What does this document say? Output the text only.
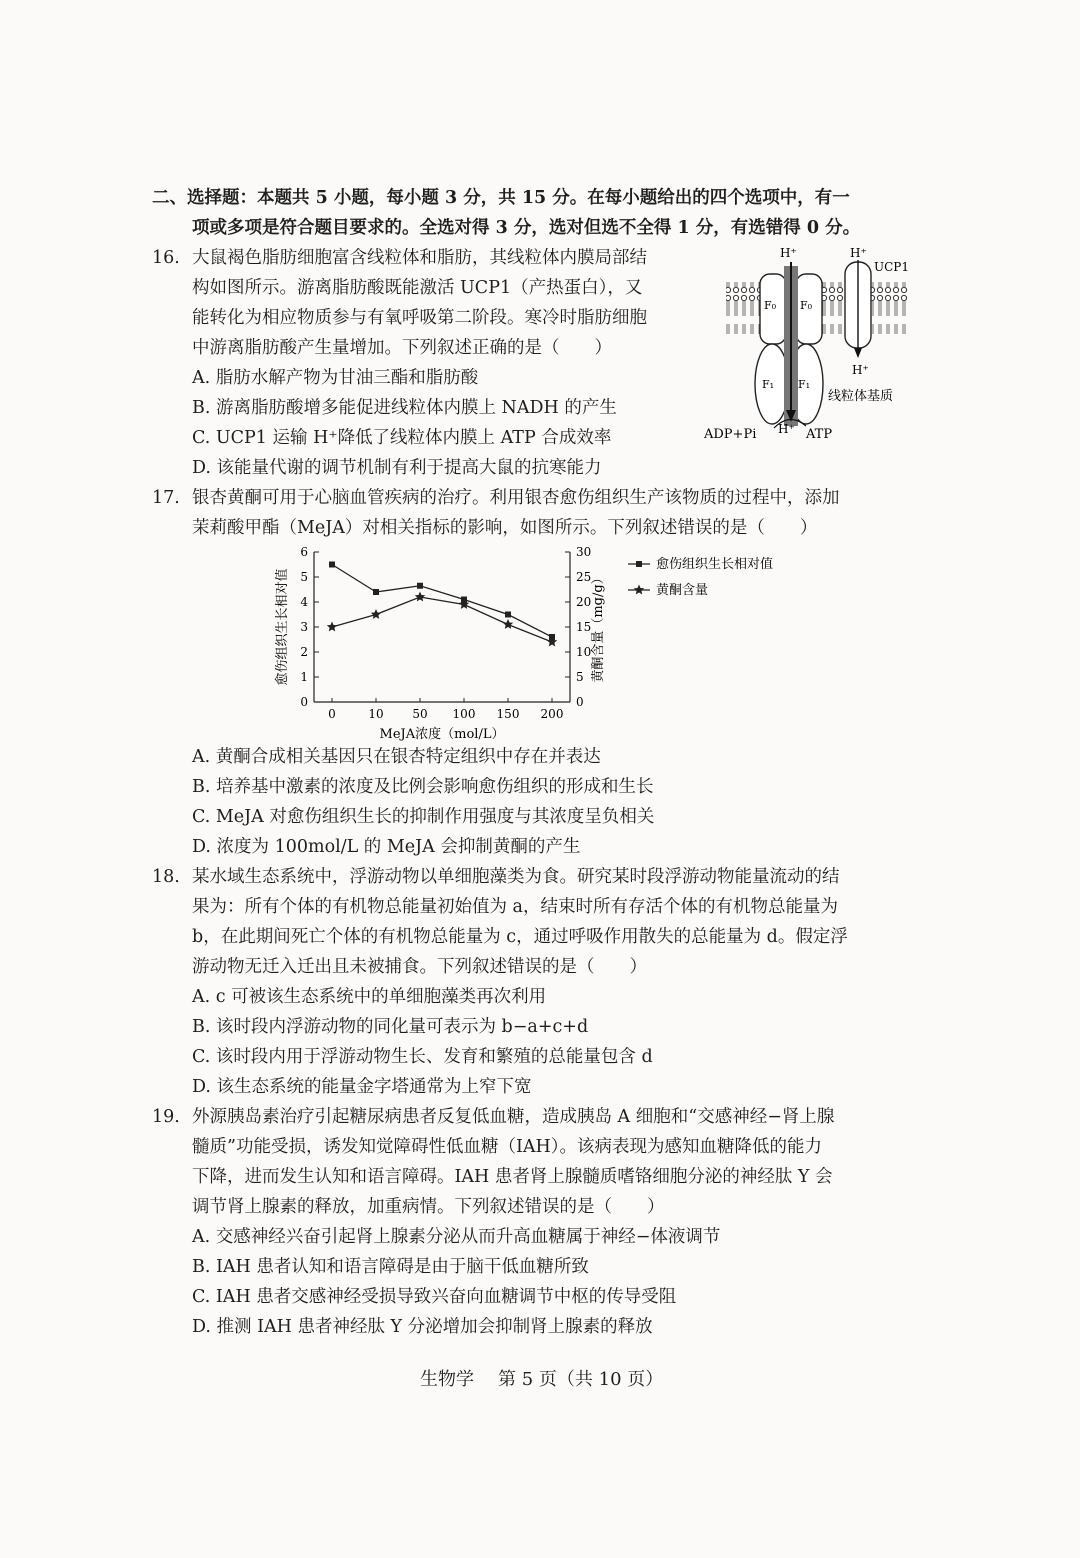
二、选择题：本题共 5 小题，每小题 3 分，共 15 分。在每小题给出的四个选项中，有一
项或多项是符合题目要求的。全选对得 3 分，选对但选不全得 1 分，有选错得 0 分。
16. 大鼠褐色脂肪细胞富含线粒体和脂肪，其线粒体内膜局部结
构如图所示。游离脂肪酸既能激活 UCP1（产热蛋白），又
能转化为相应物质参与有氧呼吸第二阶段。寒冷时脂肪细胞
中游离脂肪酸产生量增加。下列叙述正确的是（　　）
A. 脂肪水解产物为甘油三酯和脂肪酸
B. 游离脂肪酸增多能促进线粒体内膜上 NADH 的产生
C. UCP1 运输 H⁺降低了线粒体内膜上 ATP 合成效率
D. 该能量代谢的调节机制有利于提高大鼠的抗寒能力
H⁺	H⁺
UCP1
F₀ F₀
F₁ F₁
H⁺
线粒体基质
ADP+Pi H⁺ ATP
17. 银杏黄酮可用于心脑血管疾病的治疗。利用银杏愈伤组织生产该物质的过程中，添加
茉莉酸甲酯（MeJA）对相关指标的影响，如图所示。下列叙述错误的是（　　）
0
1
2
3
4
5
6
0
5
10
15
20
25
30
0	10 50 100 150 200
MeJA浓度（mol/L）
愈伤组织生长相对值	黄酮含量（mg/g）
愈伤组织生长相对值
黄酮含量
A. 黄酮合成相关基因只在银杏特定组织中存在并表达
B. 培养基中激素的浓度及比例会影响愈伤组织的形成和生长
C. MeJA 对愈伤组织生长的抑制作用强度与其浓度呈负相关
D. 浓度为 100mol/L 的 MeJA 会抑制黄酮的产生
18. 某水域生态系统中，浮游动物以单细胞藻类为食。研究某时段浮游动物能量流动的结
果为：所有个体的有机物总能量初始值为 a，结束时所有存活个体的有机物总能量为
b，在此期间死亡个体的有机物总能量为 c，通过呼吸作用散失的总能量为 d。假定浮
游动物无迁入迁出且未被捕食。下列叙述错误的是（　　）
A. c 可被该生态系统中的单细胞藻类再次利用
B. 该时段内浮游动物的同化量可表示为 b−a+c+d
C. 该时段内用于浮游动物生长、发育和繁殖的总能量包含 d
D. 该生态系统的能量金字塔通常为上窄下宽
19. 外源胰岛素治疗引起糖尿病患者反复低血糖，造成胰岛 A 细胞和“交感神经−肾上腺
髓质”功能受损，诱发知觉障碍性低血糖（IAH）。该病表现为感知血糖降低的能力
下降，进而发生认知和语言障碍。IAH 患者肾上腺髓质嗜铬细胞分泌的神经肽 Y 会
调节肾上腺素的释放，加重病情。下列叙述错误的是（　　）
A. 交感神经兴奋引起肾上腺素分泌从而升高血糖属于神经−体液调节
B. IAH 患者认知和语言障碍是由于脑干低血糖所致
C. IAH 患者交感神经受损导致兴奋向血糖调节中枢的传导受阻
D. 推测 IAH 患者神经肽 Y 分泌增加会抑制肾上腺素的释放
生物学 第 5 页（共 10 页）
